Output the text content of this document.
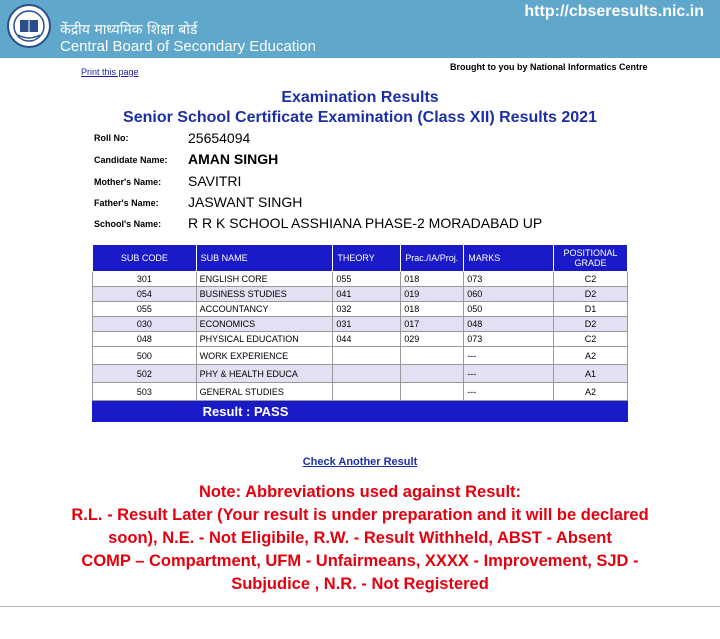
केंद्रीय माध्यमिक शिक्षा बोर्ड
Central Board of Secondary Education
http://cbseresults.nic.in
Print this page	Brought to you by National Informatics Centre
Examination Results
Senior School Certificate Examination (Class XII) Results 2021
Roll No:	25654094
Candidate Name: AMAN SINGH
Mother's Name: SAVITRI
Father's Name: JASWANT SINGH
School's Name: R R K SCHOOL ASSHIANA PHASE-2 MORADABAD UP
SUB CODE	SUB NAME	THEORY	Prac./IA/Proj.	MARKS	POSITIONAL GRADE
301	ENGLISH CORE	055	018	073	C2
054	BUSINESS STUDIES	041	019	060	D2
055	ACCOUNTANCY	032	018	050	D1
030	ECONOMICS	031	017	048	D2
048	PHYSICAL EDUCATION	044	029	073	C2
500	WORK EXPERIENCE			---	A2
502	PHY & HEALTH EDUCA			---	A1
503	GENERAL STUDIES			---	A2
	Result : PASS				
Check Another Result
Note: Abbreviations used against Result:
R.L. - Result Later (Your result is under preparation and it will be declared
soon), N.E. - Not Eligibile, R.W. - Result Withheld, ABST - Absent
COMP – Compartment, UFM - Unfairmeans, XXXX - Improvement, SJD -
Subjudice , N.R. - Not Registered
